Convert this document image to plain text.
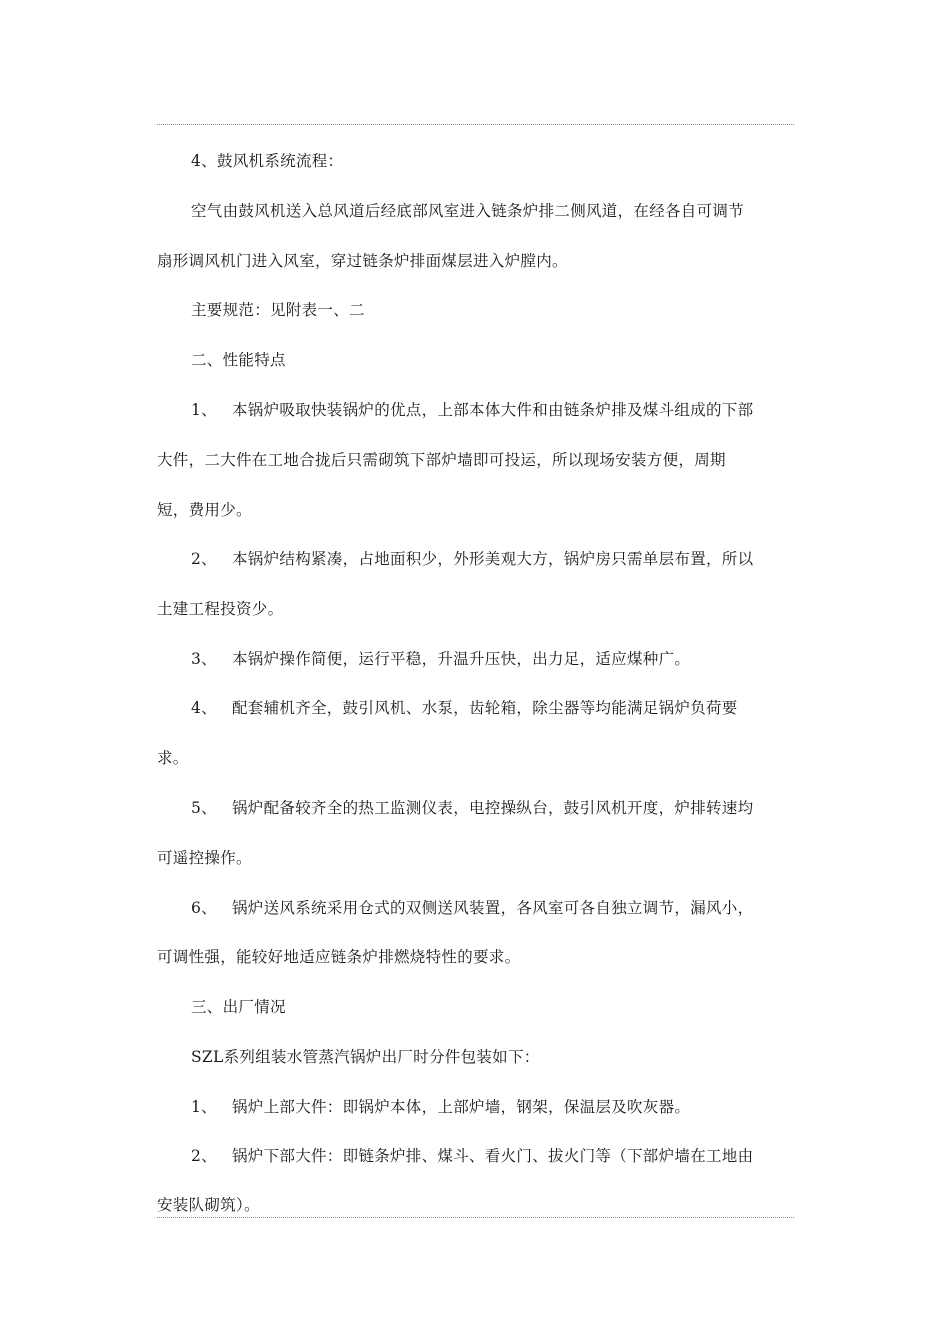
4、鼓风机系统流程：
空气由鼓风机送入总风道后经底部风室进入链条炉排二侧风道，在经各自可调节
扇形调风机门进入风室，穿过链条炉排面煤层进入炉膛内。
主要规范：见附表一、二
二、性能特点
1、 本锅炉吸取快装锅炉的优点，上部本体大件和由链条炉排及煤斗组成的下部
大件，二大件在工地合拢后只需砌筑下部炉墙即可投运，所以现场安装方便，周期
短，费用少。
2、 本锅炉结构紧凑，占地面积少，外形美观大方，锅炉房只需单层布置，所以
土建工程投资少。
3、 本锅炉操作简便，运行平稳，升温升压快，出力足，适应煤种广。
4、 配套辅机齐全，鼓引风机、水泵，齿轮箱，除尘器等均能满足锅炉负荷要
求。
5、 锅炉配备较齐全的热工监测仪表，电控操纵台，鼓引风机开度，炉排转速均
可遥控操作。
6、 锅炉送风系统采用仓式的双侧送风装置，各风室可各自独立调节，漏风小，
可调性强，能较好地适应链条炉排燃烧特性的要求。
三、出厂情况
SZL系列组装水管蒸汽锅炉出厂时分件包装如下：
1、 锅炉上部大件：即锅炉本体，上部炉墙，钢架，保温层及吹灰器。
2、 锅炉下部大件：即链条炉排、煤斗、看火门、拔火门等（下部炉墙在工地由
安装队砌筑）。
